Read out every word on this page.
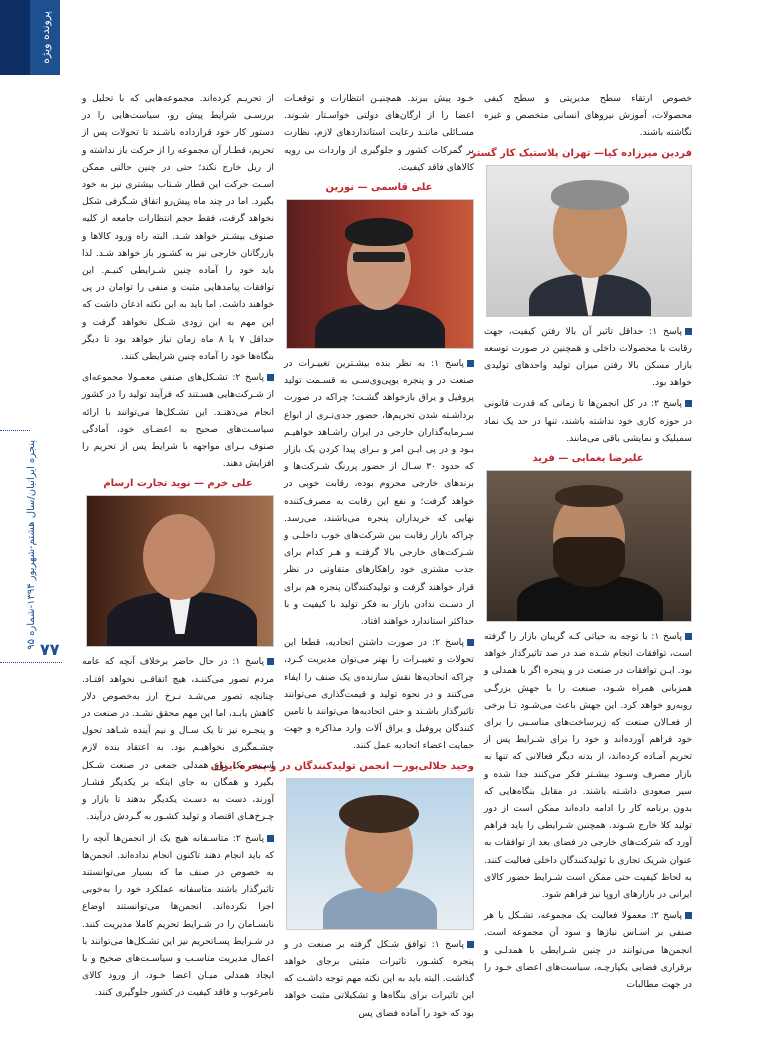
پرونده ویژه
پنجره ایرانیان/سال هشتم-شهریور ۱۳۹۴-شماره ۹۵
۷۷

خصوص ارتقاء سطح مدیریتی و سطح کیفی محصولات، آموزش نیروهای انسانی متخصص و غیره نگاشته باشند.

فردین میرزاده کیا— تهران پلاستیک کار گستر

پاسخ ۱: حداقل تاثیر آن بالا رفتن کیفیت، جهت رقابت با محصولات داخلی و همچنین در صورت توسعه بازار مسکن بالا رفتن میزان تولید واحدهای تولیدی خواهد بود.

پاسخ ۲: در کل انجمن‌ها تا زمانی که قدرت قانونی در حوزه کاری خود نداشته باشند، تنها در حد یک نماد سمبلیک و نمایشی باقی می‌مانند.

علیرضا یغمایی — فرید

پاسخ ۱: با توجه به حیاتی کـه گریبان بازار را گرفته است، توافقات انجام شـده صد در صد تاثیرگذار خواهد بود. ایـن توافقات در صنعت در و پنجره اگر با همدلی و همزبانی همراه شـود، صنعت را با جهش بزرگـی روبه‌رو خواهد کرد. این جهش باعث می‌شـود تـا برخی از فعـالان صنعت که زیرساخت‌های مناسـبی را برای خود فراهم آورده‌اند و خود را برای شـرایط پس از تحریم آمـاده کرده‌اند، از بدنه دیگر فعالانی که تنها به بازار مصرف وسـود بیشـتر فکر می‌کنند جدا شده و سیر صعودی داشـته باشند. در مقابل بنگاه‌هایی که بدون برنامه کار را ادامه داده‌اند ممکن است از دور تولید کلا خارج شـوند. همچنین شـرایطی را باید فراهم آورد که شرکت‌های خارجی در فضای بعد از توافقات به عنوان شریک تجاری با تولیدکنندگان داخلی فعالیت کنند. به لحاظ کیفیت حتی ممکن است شـرایط حضور کالای ایرانی در بازارهای اروپا نیز فراهم شود.

پاسخ ۲: معمولا فعالیت یک مجموعه، تشـکل یا هر صنفی بر اسـاس نیازها و سود آن مجموعه است. انجمن‌ها می‌توانند در چنین شـرایطی با همدلـی و برقراری فضایی یکپارچـه، سیاست‌های اعضای خـود را در جهت مطالبات

خـود پیش ببرند. همچنیـن انتظارات و توقعـات اعضا را از ارگان‌های دولتی خواسـتار شـوند. مسـائلی ماننـد رعایت استانداردهای لازم، نظارت بر گمرکات کشور و جلوگیری از واردات بی رویه کالاهای فاقد کیفیت.

علی قاسمی — نورین

پاسخ ۱: به نظر بنده بیشـترین تغییـرات در صنعت در و پنجره یوپی‌وی‌سـی به قسـمت تولید پروفیل و یراق بازخواهد گشـت؛ چراکه در صورت برداشـته شدن تحریم‌ها، حضور جدی‌تـری از انواع سـرمایه‌گذاران خارجی در ایران راشـاهد خواهیـم بـود و در پی ایـن امر و بـرای پیدا کردن یک بازار که حدود ۳۰ سـال از حضور پررنگ شـرکت‌ها و برندهای خارجی محروم بوده، رقابت خوبی در خواهد گرفت؛ و نفع این رقابت به مصرف‌کننده نهایی که خریداران پنجره می‌باشند، می‌رسد. چراکه بازار رقابت بین شرکت‌های خوب داخلـی و شـرکت‌های خارجی بالا گرفتـه و هـر کدام برای جذب مشتری خود راهکارهای متفاوتی در نظر قرار خواهند گرفت و تولیدکنندگان پنجره هم برای از دسـت ندادن بازار به فکر تولید با کیفیت و با حداکثر استاندارد خواهند افتاد.

پاسخ ۲: در صورت داشتن اتحادیه، قطعا این تحولات و تغییـرات را بهتر می‌توان مدیریت کـرد، چراکه اتحادیه‌ها نقش سازنده‌ی یک صنف را ایفاء می‌کنند و در نحوه تولید و قیمت‌گذاری می‌توانند تاثیرگذار باشـند و حتی اتحادیه‌ها می‌توانند با تامین کنندگان پروفیل و یراق آلات وارد مذاکره و جهت حمایت اعضاء اتحادیه عمل کنند.

وحید جلالی‌پور— انجمن تولیدکنندگان در و پنجره ایران

پاسخ ۱: توافق شـکل گرفته بر صنعت در و پنجره کشـور، تاثیرات مثبتی برجای خواهد گذاشت. البته باید به این نکته مهم توجه داشـت که این تاثیرات برای بنگاه‌ها و تشکیلاتی مثبت خواهد بود که خود را آماده فضای پس

از تحریـم کرده‌اند. مجموعه‌هایی که با تحلیل و بررسـی شرایط پیش رو، سیاست‌هایی را در دستور کار خود قرارداده باشـند تا تحولات پس از تحریم، قطـار آن مجموعه را از حرکت باز نداشته و از ریل خارج نکند؛ حتی در چنین حالتی ممکن اسـت حرکت این قطار شـتاب بیشتری نیز به خود بگیرد. اما در چند ماه پیش‌رو اتفاق شـگرفی شکل نخواهد گرفت، فقط حجم انتظارات جامعه از کلیه صنوف بیشـتر خواهد شـد. البته راه ورود کالاها و بازرگانان خارجی نیز به کشـور باز خواهد شـد. لذا باید خود را آماده چنین شـرایطی کنیـم. این توافقات پیامدهایی مثبت و منفی را توامان در پی خواهند داشت. اما باید به این نکته اذعان داشت که این مهم به این زودی شـکل نخواهد گرفت و حداقل ۷ یا ۸ ماه زمان نیاز خواهد بود تا دیگر بنگاه‌ها خود را آماده چنین شرایطی کنند.

پاسخ ۲: تشـکل‌های صنفی معمـولا مجموعه‌ای از شـرکت‌هایی هسـتند که فرآیند تولید را در کشور انجام می‌دهنـد. این تشـکل‌ها می‌توانند با ارائه سیاسـت‌های صحیح به اعضـای خود، آمادگی صنوف بـرای مواجهه با شرایط پس از تحریم را افزایش دهند.

علی خرم — نوید تجارت ارسام

پاسخ ۱: در حال حاضر برخلاف آنچه که عامه مردم تصور می‌کننـد، هیچ اتفاقـی نخواهد افتـاد. چنانچه تصور می‌شـد نـرخ ارز به‌خصوص دلار کاهش یابـد، اما این مهم محقق نشـد. در صنعت در و پنجـره نیز تا یک سـال و نیم آینده شـاهد تحول چشـمگیری نخواهیـم بود. به اعتقاد بنده لازم اسـت، یک نوع همدلی جمعی در صنعت شـکل بگیرد و همگان به جای اینکه بر یکدیگر فشـار آورند، دست به دسـت یکدیگر بدهند تا بازار و چـرخ‌هـای اقتصاد و تولید کشـور به گـردش درآیند.

پاسخ ۲: متاسـفانه هیچ یک از انجمن‌ها آنچه را که باید انجام دهند تاکنون انجام نداده‌اند. انجمن‌ها به خصوص در صنف ما که بسیار می‌توانستند تاثیرگذار باشند متاسفانه عملکرد خود را به‌خوبی اجرا نکرده‌اند. انجمن‌ها می‌توانستند اوضاع نابسـامان را در شـرایط تحریم کاملا مدیریت کنند. در شـرایط پسـاتحریم نیز این تشـکل‌ها می‌توانند با اعمال مدیریت مناسـب و سیاسـت‌های صحیح و با ایجاد همدلی میـان اعضا خـود، از ورود کالای نامرغوب و فاقد کیفیت در کشور جلوگیری کنند.
